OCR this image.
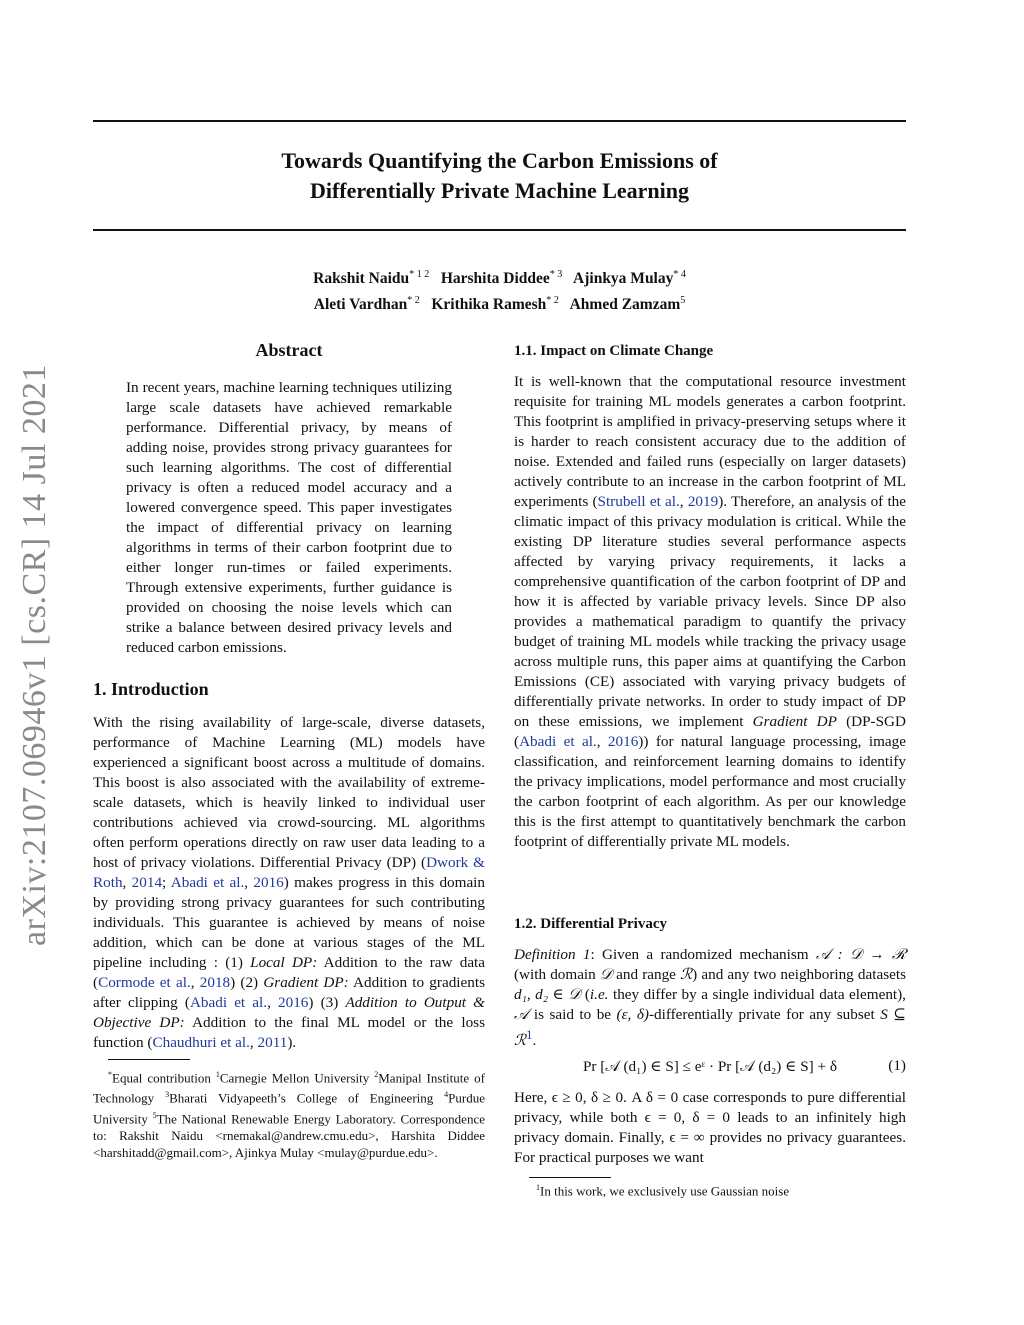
arXiv:2107.06946v1 [cs.CR] 14 Jul 2021
Towards Quantifying the Carbon Emissions of
Differentially Private Machine Learning
Rakshit Naidu$^{* 1 2}$ Harshita Diddee$^{* 3}$ Ajinkya Mulay$^{* 4}$
Aleti Vardhan$^{* 2}$ Krithika Ramesh$^{* 2}$ Ahmed Zamzam$^5$
Abstract

In recent years, machine learning techniques utilizing large scale datasets have achieved remarkable performance. Differential privacy, by means of adding noise, provides strong privacy guarantees for such learning algorithms. The cost of differential privacy is often a reduced model accuracy and a lowered convergence speed. This paper investigates the impact of differential privacy on learning algorithms in terms of their carbon footprint due to either longer run-times or failed experiments. Through extensive experiments, further guidance is provided on choosing the noise levels which can strike a balance between desired privacy levels and reduced carbon emissions.

1. Introduction

With the rising availability of large-scale, diverse datasets, performance of Machine Learning (ML) models have experienced a significant boost across a multitude of domains. This boost is also associated with the availability of extreme-scale datasets, which is heavily linked to individual user contributions achieved via crowd-sourcing. ML algorithms often perform operations directly on raw user data leading to a host of privacy violations. Differential Privacy (DP) (Dwork & Roth, 2014; Abadi et al., 2016) makes progress in this domain by providing strong privacy guarantees for such contributing individuals. This guarantee is achieved by means of noise addition, which can be done at various stages of the ML pipeline including : (1) Local DP: Addition to the raw data (Cormode et al., 2018) (2) Gradient DP: Addition to gradients after clipping (Abadi et al., 2016) (3) Addition to Output & Objective DP: Addition to the final ML model or the loss function (Chaudhuri et al., 2011).

*Equal contribution $^1$Carnegie Mellon University $^2$Manipal Institute of Technology $^3$Bharati Vidyapeeth’s College of Engineering $^4$Purdue University $^5$The National Renewable Energy Laboratory. Correspondence to: Rakshit Naidu <rnemakal@andrew.cmu.edu>, Harshita Diddee <harshitadd@gmail.com>, Ajinkya Mulay <mulay@purdue.edu>.
1.1. Impact on Climate Change

It is well-known that the computational resource investment requisite for training ML models generates a carbon footprint. This footprint is amplified in privacy-preserving setups where it is harder to reach consistent accuracy due to the addition of noise. Extended and failed runs (especially on larger datasets) actively contribute to an increase in the carbon footprint of ML experiments (Strubell et al., 2019). Therefore, an analysis of the climatic impact of this privacy modulation is critical. While the existing DP literature studies several performance aspects affected by varying privacy requirements, it lacks a comprehensive quantification of the carbon footprint of DP and how it is affected by variable privacy levels. Since DP also provides a mathematical paradigm to quantify the privacy budget of training ML models while tracking the privacy usage across multiple runs, this paper aims at quantifying the Carbon Emissions (CE) associated with varying privacy budgets of differentially private networks. In order to study impact of DP on these emissions, we implement Gradient DP (DP-SGD (Abadi et al., 2016)) for natural language processing, image classification, and reinforcement learning domains to identify the privacy implications, model performance and most crucially the carbon footprint of each algorithm. As per our knowledge this is the first attempt to quantitatively benchmark the carbon footprint of differentially private ML models.

1.2. Differential Privacy

Definition 1: Given a randomized mechanism 𝒜 : 𝒟 → ℛ (with domain 𝒟 and range ℛ) and any two neighboring datasets d₁, d₂ ∈ 𝒟 (i.e. they differ by a single individual data element), 𝒜 is said to be (ε, δ)-differentially private for any subset S ⊆ ℛ$^1$.

Pr [𝒜 (d₁) ∈ S] ≤ eᵋ · Pr [𝒜 (d₂) ∈ S] + δ	(1)

Here, ϵ ≥ 0, δ ≥ 0. A δ = 0 case corresponds to pure differential privacy, while both ϵ = 0, δ = 0 leads to an infinitely high privacy domain. Finally, ϵ = ∞ provides no privacy guarantees. For practical purposes we want

$^1$In this work, we exclusively use Gaussian noise
